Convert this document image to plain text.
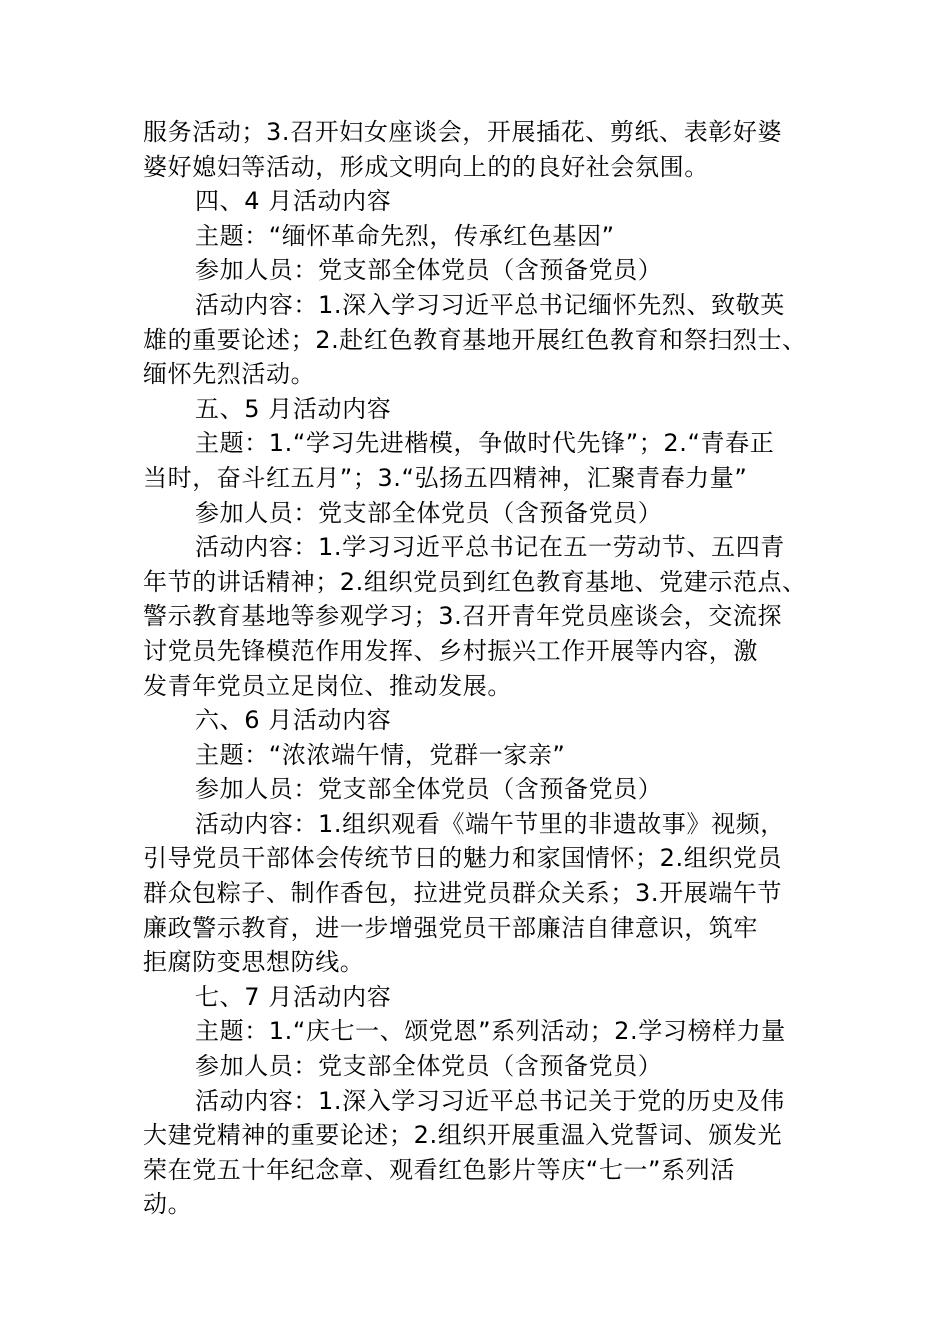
服务活动；3.召开妇女座谈会，开展插花、剪纸、表彰好婆
婆好媳妇等活动，形成文明向上的的良好社会氛围。
四、4 月活动内容
主题：“缅怀革命先烈，传承红色基因”
参加人员：党支部全体党员（含预备党员）
活动内容：1.深入学习习近平总书记缅怀先烈、致敬英
雄的重要论述；2.赴红色教育基地开展红色教育和祭扫烈士、
缅怀先烈活动。
五、5 月活动内容
主题：1.“学习先进楷模，争做时代先锋”；2.“青春正
当时，奋斗红五月”；3.“弘扬五四精神，汇聚青春力量”
参加人员：党支部全体党员（含预备党员）
活动内容：1.学习习近平总书记在五一劳动节、五四青
年节的讲话精神；2.组织党员到红色教育基地、党建示范点、
警示教育基地等参观学习；3.召开青年党员座谈会，交流探
讨党员先锋模范作用发挥、乡村振兴工作开展等内容，激
发青年党员立足岗位、推动发展。
六、6 月活动内容
主题：“浓浓端午情，党群一家亲”
参加人员：党支部全体党员（含预备党员）
活动内容：1.组织观看《端午节里的非遗故事》视频，
引导党员干部体会传统节日的魅力和家国情怀；2.组织党员
群众包粽子、制作香包，拉进党员群众关系；3.开展端午节
廉政警示教育，进一步增强党员干部廉洁自律意识，筑牢
拒腐防变思想防线。
七、7 月活动内容
主题：1.“庆七一、颂党恩”系列活动；2.学习榜样力量
参加人员：党支部全体党员（含预备党员）
活动内容：1.深入学习习近平总书记关于党的历史及伟
大建党精神的重要论述；2.组织开展重温入党誓词、颁发光
荣在党五十年纪念章、观看红色影片等庆“七一”系列活
动。
